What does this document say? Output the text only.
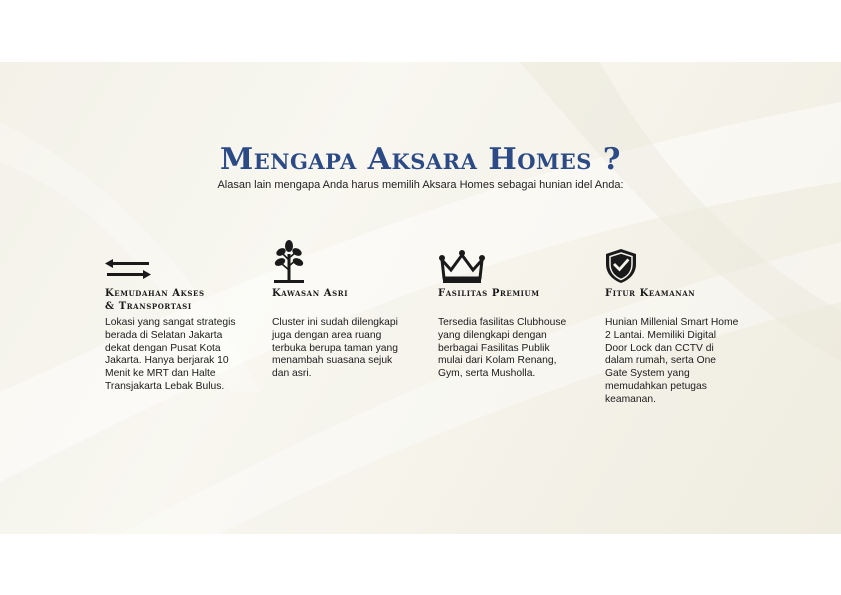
Mengapa Aksara Homes ?
Alasan lain mengapa Anda harus memilih Aksara Homes sebagai hunian idel Anda:
Kemudahan Akses
& Transportasi
Lokasi yang sangat strategis berada di Selatan Jakarta dekat dengan Pusat Kota Jakarta. Hanya berjarak 10 Menit ke MRT dan Halte Transjakarta Lebak Bulus.
Kawasan Asri
Cluster ini sudah dilengkapi juga dengan area ruang terbuka berupa taman yang menambah suasana sejuk dan asri.
Fasilitas Premium
Tersedia fasilitas Clubhouse yang dilengkapi dengan berbagai Fasilitas Publik mulai dari Kolam Renang, Gym, serta Musholla.
Fitur Keamanan
Hunian Millenial Smart Home 2 Lantai. Memiliki Digital Door Lock dan CCTV di dalam rumah, serta One Gate System yang memudahkan petugas keamanan.
